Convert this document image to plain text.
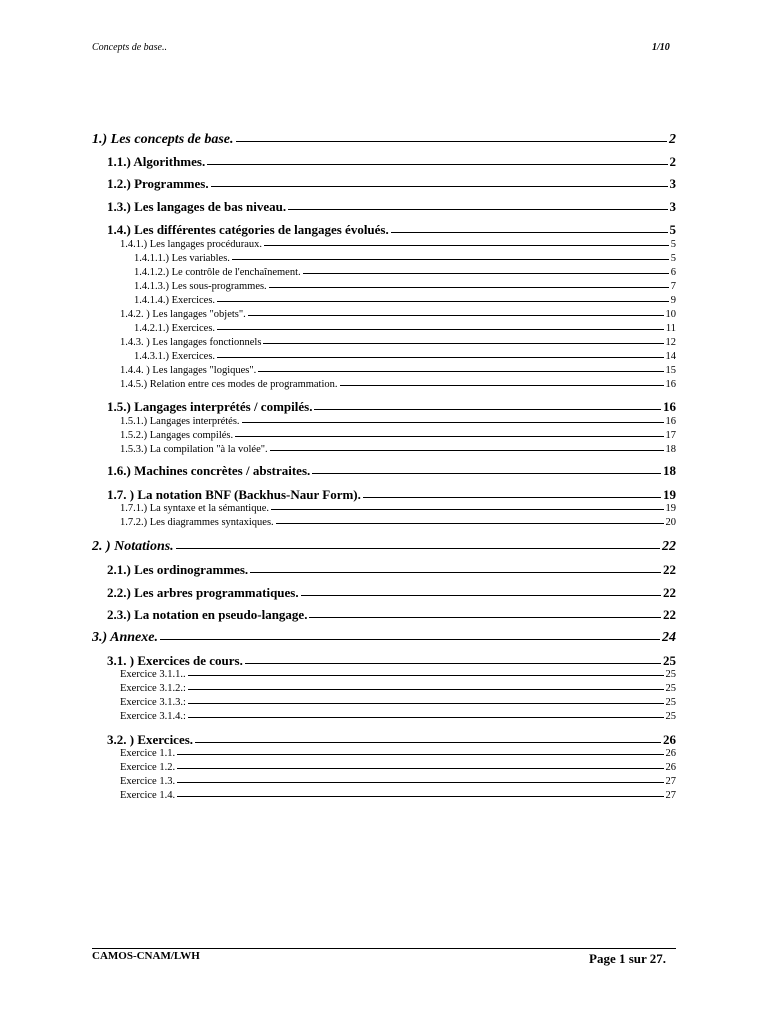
Concepts de base..	1/10
1.) Les concepts de base.	2
1.1.) Algorithmes.	2
1.2.) Programmes.	3
1.3.) Les langages de bas niveau.	3
1.4.) Les différentes catégories de langages évolués.	5
1.4.1.) Les langages procéduraux.	5
1.4.1.1.) Les variables.	5
1.4.1.2.) Le contrôle de l'enchaînement.	6
1.4.1.3.) Les sous-programmes.	7
1.4.1.4.) Exercices.	9
1.4.2. ) Les langages "objets".	10
1.4.2.1.) Exercices.	11
1.4.3. ) Les langages fonctionnels	12
1.4.3.1.) Exercices.	14
1.4.4. ) Les langages "logiques".	15
1.4.5.) Relation entre ces modes de programmation.	16
1.5.) Langages interprétés / compilés.	16
1.5.1.) Langages interprétés.	16
1.5.2.) Langages compilés.	17
1.5.3.) La compilation "à la volée".	18
1.6.) Machines concrètes / abstraites.	18
1.7. ) La notation BNF (Backhus-Naur Form).	19
1.7.1.) La syntaxe et la sémantique.	19
1.7.2.) Les diagrammes syntaxiques.	20
2. ) Notations.	22
2.1.) Les ordinogrammes.	22
2.2.) Les arbres programmatiques.	22
2.3.) La notation en pseudo-langage.	22
3.) Annexe.	24
3.1. ) Exercices de cours.	25
Exercice 3.1.1..	25
Exercice 3.1.2.:	25
Exercice 3.1.3.:	25
Exercice 3.1.4.:	25
3.2. ) Exercices.	26
Exercice 1.1.	26
Exercice 1.2.	26
Exercice 1.3.	27
Exercice 1.4.	27
CAMOS-CNAM/LWH	Page 1 sur 27.
